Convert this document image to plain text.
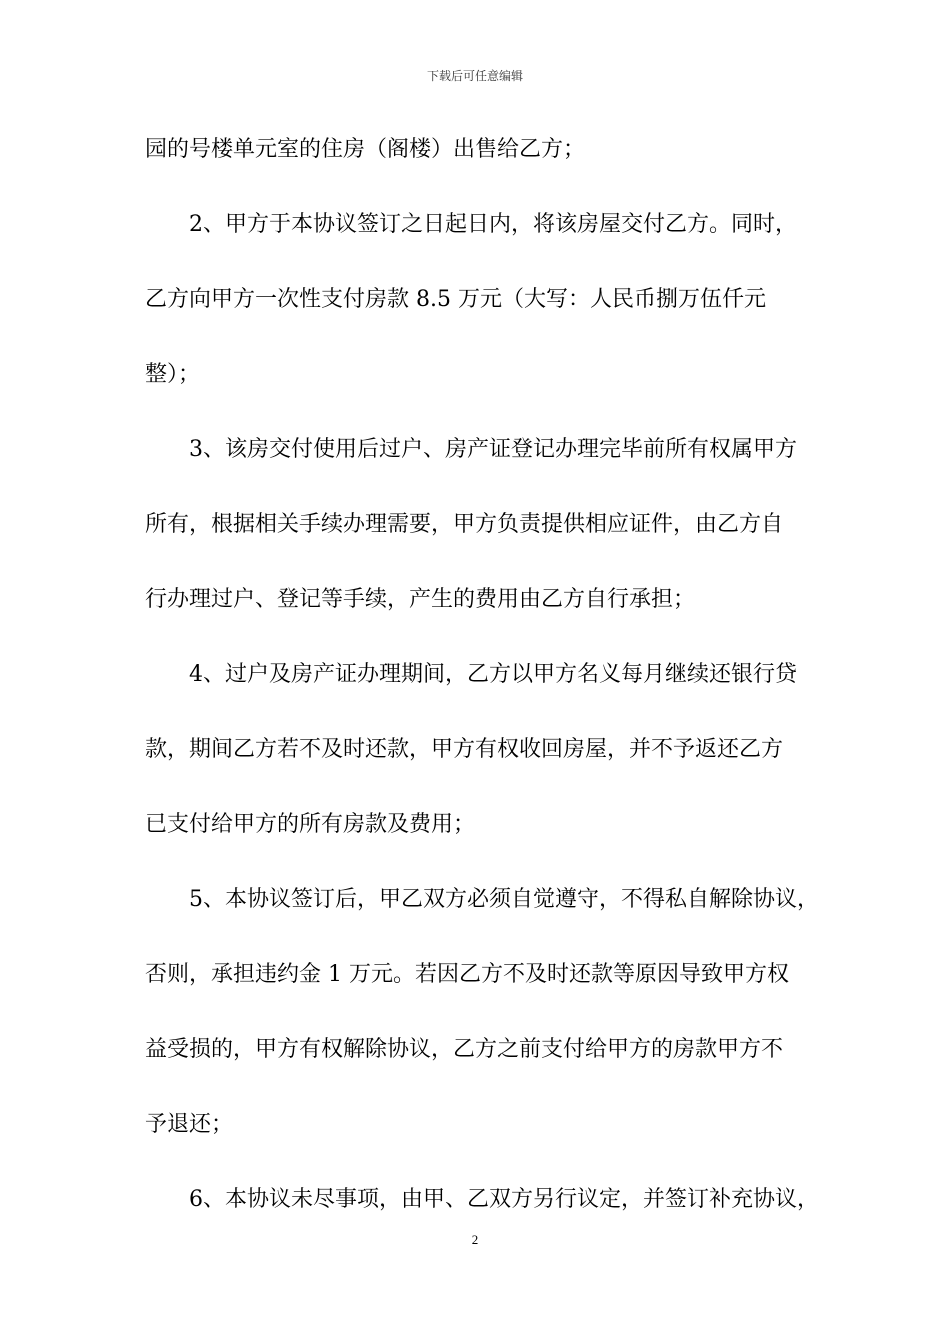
下载后可任意编辑
园的号楼单元室的住房（阁楼）出售给乙方；
　　2、甲方于本协议签订之日起日内，将该房屋交付乙方。同时，
乙方向甲方一次性支付房款 8.5 万元（大写：人民币捌万伍仟元
整）；
　　3、该房交付使用后过户、房产证登记办理完毕前所有权属甲方
所有，根据相关手续办理需要，甲方负责提供相应证件，由乙方自
行办理过户、登记等手续，产生的费用由乙方自行承担；
　　4、过户及房产证办理期间，乙方以甲方名义每月继续还银行贷
款，期间乙方若不及时还款，甲方有权收回房屋，并不予返还乙方
已支付给甲方的所有房款及费用；
　　5、本协议签订后，甲乙双方必须自觉遵守，不得私自解除协议，
否则，承担违约金 1 万元。若因乙方不及时还款等原因导致甲方权
益受损的，甲方有权解除协议，乙方之前支付给甲方的房款甲方不
予退还；
　　6、本协议未尽事项，由甲、乙双方另行议定，并签订补充协议，
2
